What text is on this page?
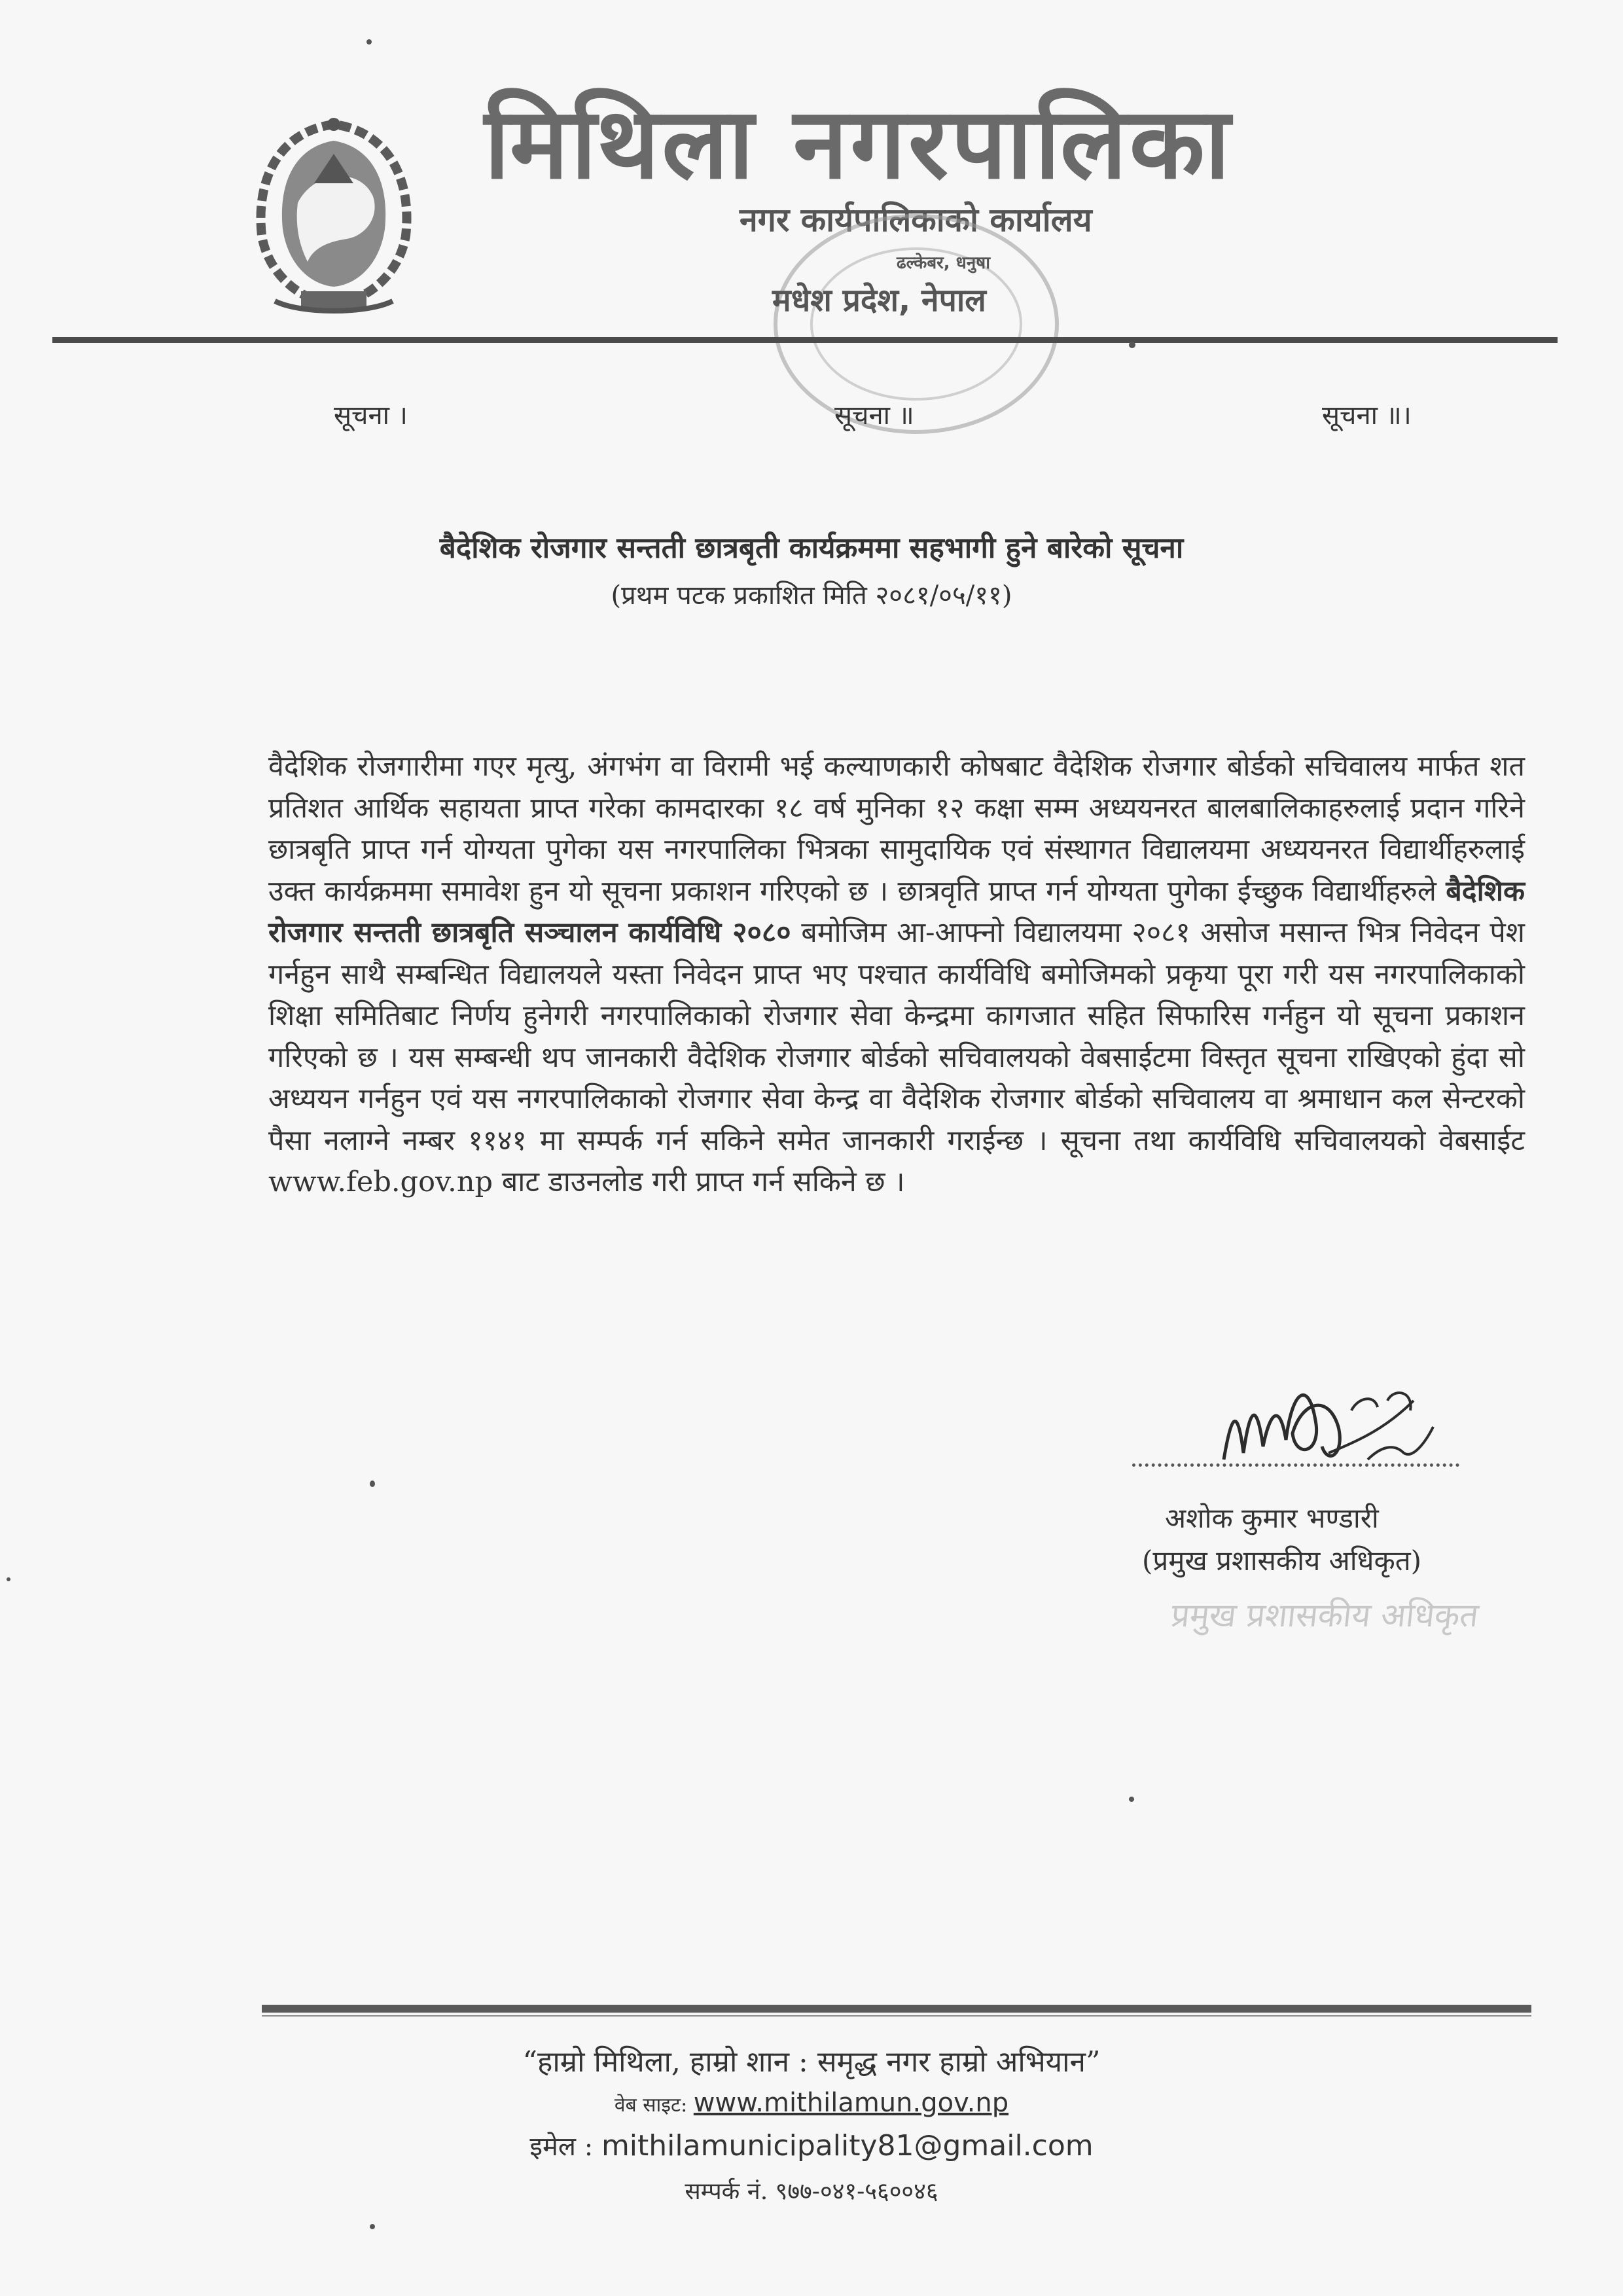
मिथिला नगरपालिका
नगर कार्यपालिकाको कार्यालय
ढल्केबर, धनुषा
मधेश प्रदेश, नेपाल
सूचना ।	सूचना ॥	सूचना ॥।
बैदेशिक रोजगार सन्तती छात्रबृती कार्यक्रममा सहभागी हुने बारेको सूचना
(प्रथम पटक प्रकाशित मिति २०८१/०५/११)
वैदेशिक रोजगारीमा गएर मृत्यु, अंगभंग वा विरामी भई कल्याणकारी कोषबाट वैदेशिक रोजगार बोर्डको सचिवालय मार्फत शत प्रतिशत आर्थिक सहायता प्राप्त गरेका कामदारका १८ वर्ष मुनिका १२ कक्षा सम्म अध्ययनरत बालबालिकाहरुलाई प्रदान गरिने छात्रबृति प्राप्त गर्न योग्यता पुगेका यस नगरपालिका भित्रका सामुदायिक एवं संस्थागत विद्यालयमा अध्ययनरत विद्यार्थीहरुलाई उक्त कार्यक्रममा समावेश हुन यो सूचना प्रकाशन गरिएको छ । छात्रवृति प्राप्त गर्न योग्यता पुगेका ईच्छुक विद्यार्थीहरुले बैदेशिक रोजगार सन्तती छात्रबृति सञ्चालन कार्यविधि २०८० बमोजिम आ-आफ्नो विद्यालयमा २०८१ असोज मसान्त भित्र निवेदन पेश गर्नहुन साथै सम्बन्धित विद्यालयले यस्ता निवेदन प्राप्त भए पश्चात कार्यविधि बमोजिमको प्रकृया पूरा गरी यस नगरपालिकाको शिक्षा समितिबाट निर्णय हुनेगरी नगरपालिकाको रोजगार सेवा केन्द्रमा कागजात सहित सिफारिस गर्नहुन यो सूचना प्रकाशन गरिएको छ । यस सम्बन्धी थप जानकारी वैदेशिक रोजगार बोर्डको सचिवालयको वेबसाईटमा विस्तृत सूचना राखिएको हुंदा सो अध्ययन गर्नहुन एवं यस नगरपालिकाको रोजगार सेवा केन्द्र वा वैदेशिक रोजगार बोर्डको सचिवालय वा श्रमाधान कल सेन्टरको पैसा नलाग्ने नम्बर ११४१ मा सम्पर्क गर्न सकिने समेत जानकारी गराईन्छ । सूचना तथा कार्यविधि सचिवालयको वेबसाईट www.feb.gov.np बाट डाउनलोड गरी प्राप्त गर्न सकिने छ ।
अशोक कुमार भण्डारी
(प्रमुख प्रशासकीय अधिकृत)
प्रमुख प्रशासकीय अधिकृत
“हाम्रो मिथिला, हाम्रो शान : समृद्ध नगर हाम्रो अभियान”
वेब साइट: www.mithilamun.gov.np
इमेल : mithilamunicipality81@gmail.com
सम्पर्क नं. ९७७-०४१-५६००४६
